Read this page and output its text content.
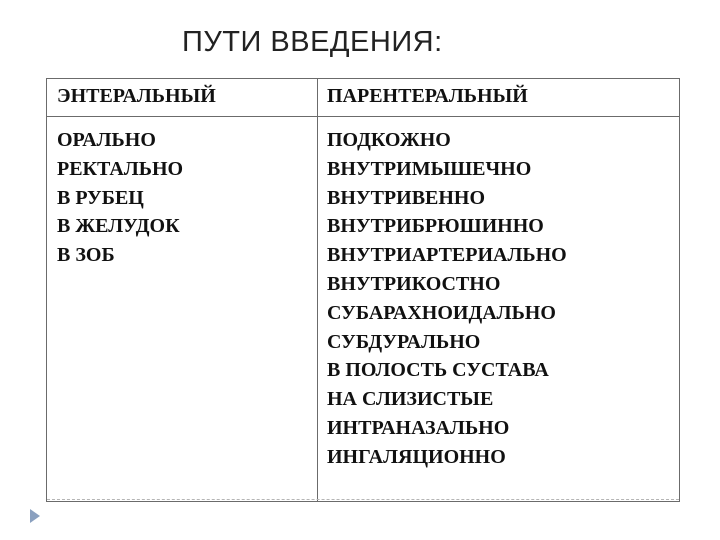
ПУТИ ВВЕДЕНИЯ:
ЭНТЕРАЛЬНЫЙ	ПАРЕНТЕРАЛЬНЫЙ
ОРАЛЬНО
РЕКТАЛЬНО
В РУБЕЦ
В ЖЕЛУДОК
В ЗОБ
ПОДКОЖНО
ВНУТРИМЫШЕЧНО
ВНУТРИВЕННО
ВНУТРИБРЮШИННО
ВНУТРИАРТЕРИАЛЬНО
ВНУТРИКОСТНО
СУБАРАХНОИДАЛЬНО
СУБДУРАЛЬНО
В ПОЛОСТЬ СУСТАВА
НА СЛИЗИСТЫЕ
ИНТРАНАЗАЛЬНО
ИНГАЛЯЦИОННО
